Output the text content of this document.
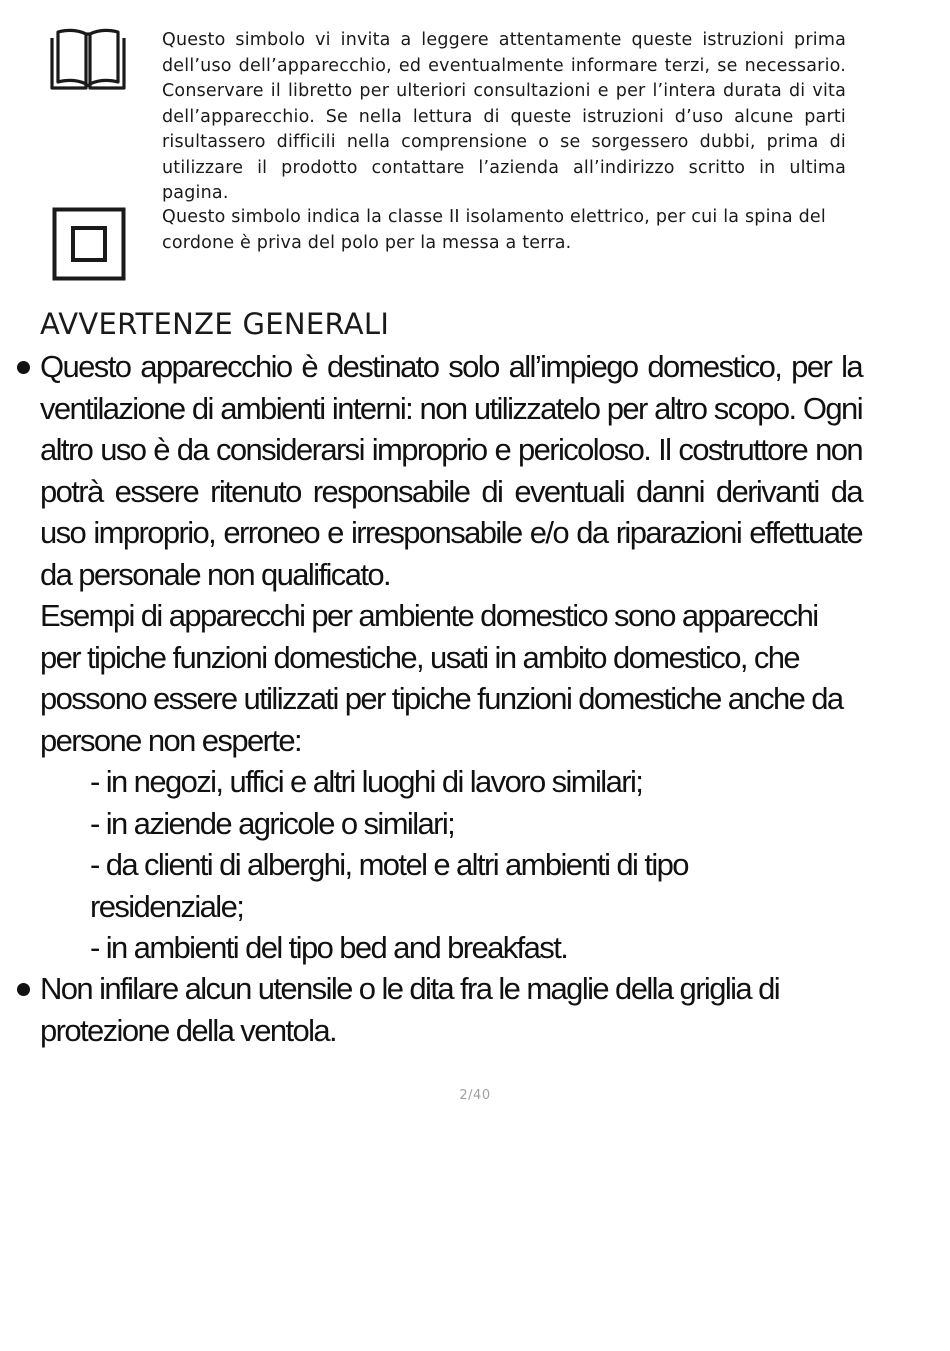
Questo simbolo vi invita a leggere attentamente queste istruzioni prima dell’uso dell’apparecchio, ed eventualmente informare terzi, se necessario. Conservare il libretto per ulteriori consultazioni e per l’intera durata di vita dell’apparecchio. Se nella lettura di queste istruzioni d’uso alcune parti risultassero difficili nella comprensione o se sorgessero dubbi, prima di utilizzare il prodotto contattare l’azienda all’indirizzo scritto in ultima pagina.

Questo simbolo indica la classe II isolamento elettrico, per cui la spina del cordone è priva del polo per la messa a terra.

AVVERTENZE GENERALI

Questo apparecchio è destinato solo all’impiego domestico, per la ventilazione di ambienti interni: non utilizzatelo per altro scopo. Ogni altro uso è da considerarsi improprio e pericoloso. Il costruttore non potrà essere ritenuto responsabile di eventuali danni derivanti da uso improprio, erroneo e irresponsabile e/o da riparazioni effettuate da personale non qualificato.

Esempi di apparecchi per ambiente domestico sono apparecchi per tipiche funzioni domestiche, usati in ambito domestico, che possono essere utilizzati per tipiche funzioni domestiche anche da persone non esperte:

- in negozi, uffici e altri luoghi di lavoro similari;
- in aziende agricole o similari;
- da clienti di alberghi, motel e altri ambienti di tipo residenziale;
- in ambienti del tipo bed and breakfast.

Non infilare alcun utensile o le dita fra le maglie della griglia di protezione della ventola.

2/40
